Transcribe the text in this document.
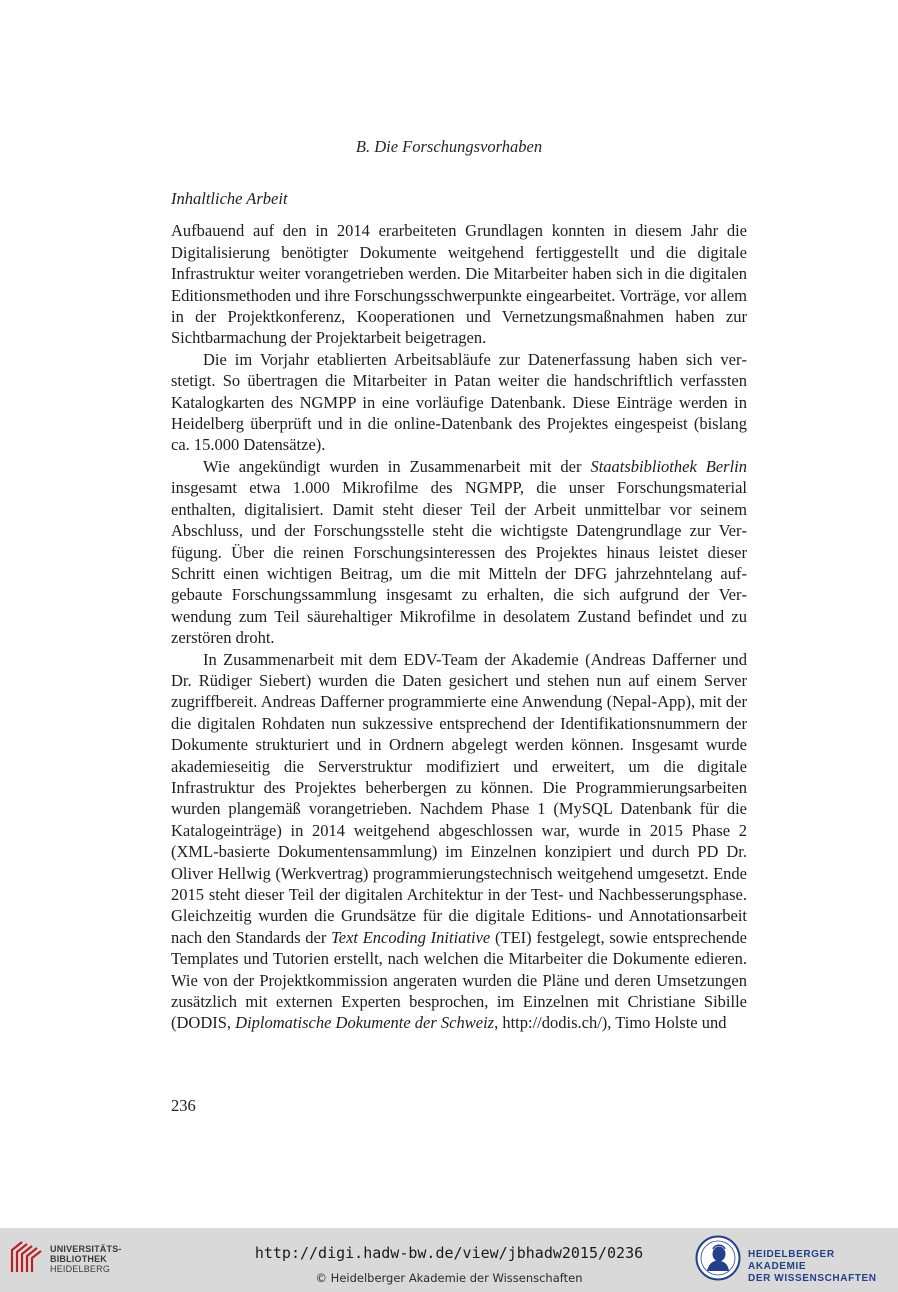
B. Die Forschungsvorhaben
Inhaltliche Arbeit

Aufbauend auf den in 2014 erarbeiteten Grundlagen konnten in diesem Jahr die Digitalisierung benötigter Dokumente weitgehend fertiggestellt und die digitale Infrastruktur weiter vorangetrieben werden. Die Mitarbeiter haben sich in die digitalen Editionsmethoden und ihre Forschungsschwerpunkte eingearbeitet. Vorträge, vor allem in der Projektkonferenz, Kooperationen und Vernetzungsmaßnahmen haben zur Sichtbarmachung der Projektarbeit beigetragen.

Die im Vorjahr etablierten Arbeitsabläufe zur Datenerfassung haben sich verstetigt. So übertragen die Mitarbeiter in Patan weiter die handschriftlich verfassten Katalogkarten des NGMPP in eine vorläufige Datenbank. Diese Einträge werden in Heidelberg überprüft und in die online-Datenbank des Projektes eingespeist (bislang ca. 15.000 Datensätze).

Wie angekündigt wurden in Zusammenarbeit mit der Staatsbibliothek Berlin insgesamt etwa 1.000 Mikrofilme des NGMPP, die unser Forschungsmaterial enthalten, digitalisiert. Damit steht dieser Teil der Arbeit unmittelbar vor seinem Abschluss, und der Forschungsstelle steht die wichtigste Datengrundlage zur Verfügung. Über die reinen Forschungsinteressen des Projektes hinaus leistet dieser Schritt einen wichtigen Beitrag, um die mit Mitteln der DFG jahrzehntelang aufgebaute Forschungssammlung insgesamt zu erhalten, die sich aufgrund der Verwendung zum Teil säurehaltiger Mikrofilme in desolatem Zustand befindet und zu zerstören droht.

In Zusammenarbeit mit dem EDV-Team der Akademie (Andreas Dafferner und Dr. Rüdiger Siebert) wurden die Daten gesichert und stehen nun auf einem Server zugriffbereit. Andreas Dafferner programmierte eine Anwendung (Nepal-App), mit der die digitalen Rohdaten nun sukzessive entsprechend der Identifikationsnummern der Dokumente strukturiert und in Ordnern abgelegt werden können. Insgesamt wurde akademieseitig die Serverstruktur modifiziert und erweitert, um die digitale Infrastruktur des Projektes beherbergen zu können. Die Programmierungsarbeiten wurden plangemäß vorangetrieben. Nachdem Phase 1 (MySQL Datenbank für die Katalogeinträge) in 2014 weitgehend abgeschlossen war, wurde in 2015 Phase 2 (XML-basierte Dokumentensammlung) im Einzelnen konzipiert und durch PD Dr. Oliver Hellwig (Werkvertrag) programmierungstechnisch weitgehend umgesetzt. Ende 2015 steht dieser Teil der digitalen Architektur in der Test- und Nachbesserungsphase. Gleichzeitig wurden die Grundsätze für die digitale Editions- und Annotationsarbeit nach den Standards der Text Encoding Initiative (TEI) festgelegt, sowie entsprechende Templates und Tutorien erstellt, nach welchen die Mitarbeiter die Dokumente edieren. Wie von der Projektkommission angeraten wurden die Pläne und deren Umsetzungen zusätzlich mit externen Experten besprochen, im Einzelnen mit Christiane Sibille (DODIS, Diplomatische Dokumente der Schweiz, http://dodis.ch/), Timo Holste und

236
UNIVERSITÄTS-
BIBLIOTHEK
HEIDELBERG
http://digi.hadw-bw.de/view/jbhadw2015/0236
© Heidelberger Akademie der Wissenschaften
HEIDELBERGER AKADEMIE
DER WISSENSCHAFTEN
